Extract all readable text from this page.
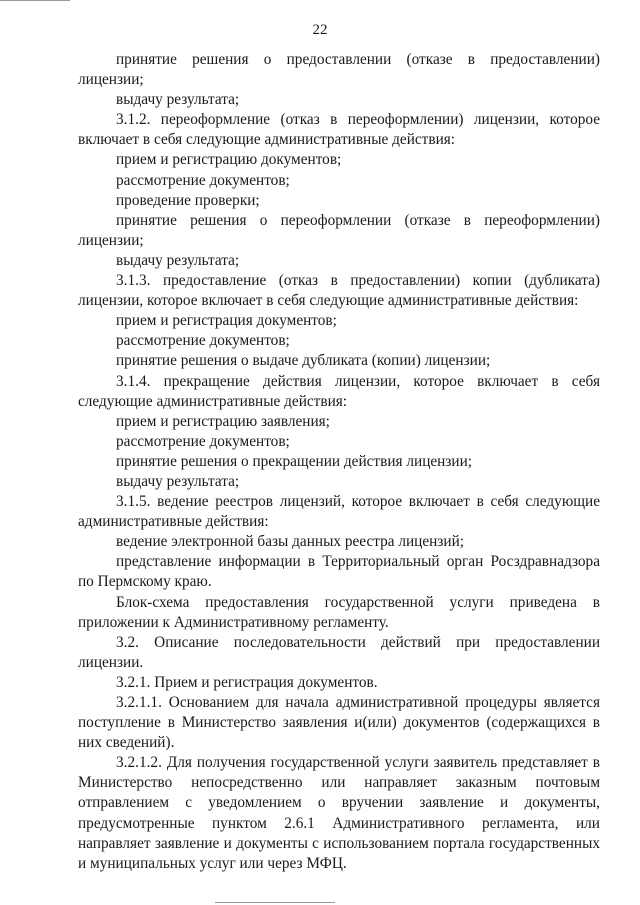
22

принятие решения о предоставлении (отказе в предоставлении) лицензии;

выдачу результата;

3.1.2. переоформление (отказ в переоформлении) лицензии, которое включает в себя следующие административные действия:

прием и регистрацию документов;

рассмотрение документов;

проведение проверки;

принятие решения о переоформлении (отказе в переоформлении) лицензии;

выдачу результата;

3.1.3. предоставление (отказ в предоставлении) копии (дубликата) лицензии, которое включает в себя следующие административные действия:

прием и регистрация документов;

рассмотрение документов;

принятие решения о выдаче дубликата (копии) лицензии;

3.1.4. прекращение действия лицензии, которое включает в себя следующие административные действия:

прием и регистрацию заявления;

рассмотрение документов;

принятие решения о прекращении действия лицензии;

выдачу результата;

3.1.5. ведение реестров лицензий, которое включает в себя следующие административные действия:

ведение электронной базы данных реестра лицензий;

представление информации в Территориальный орган Росздравнадзора по Пермскому краю.

Блок-схема предоставления государственной услуги приведена в приложении к Административному регламенту.

3.2. Описание последовательности действий при предоставлении лицензии.

3.2.1. Прием и регистрация документов.

3.2.1.1. Основанием для начала административной процедуры является поступление в Министерство заявления и(или) документов (содержащихся в них сведений).

3.2.1.2. Для получения государственной услуги заявитель представляет в Министерство непосредственно или направляет заказным почтовым отправлением с уведомлением о вручении заявление и документы, предусмотренные пунктом 2.6.1 Административного регламента, или направляет заявление и документы с использованием портала государственных и муниципальных услуг или через МФЦ.
